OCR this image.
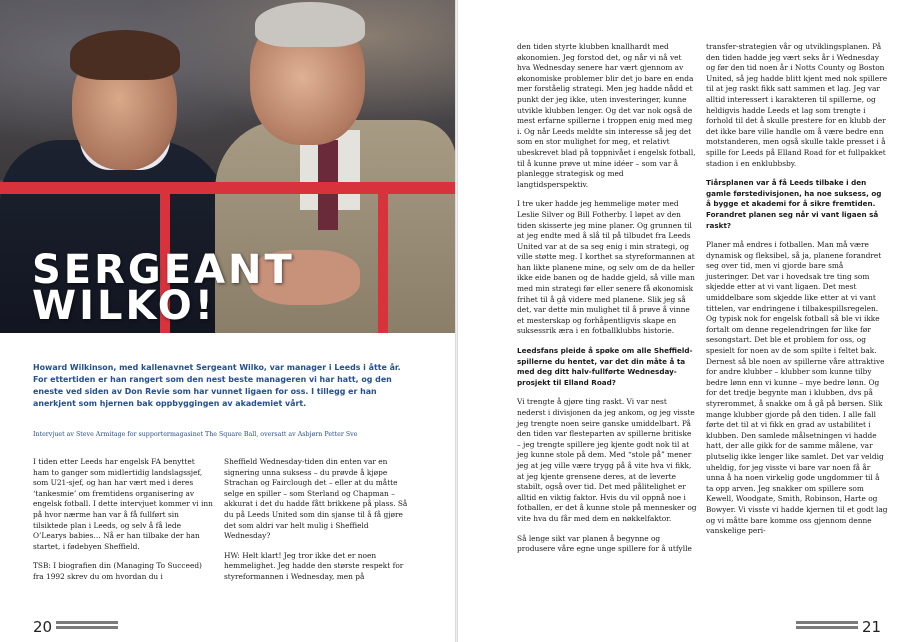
SERGEANT
WILKO!

Howard Wilkinson, med kallenavnet Sergeant Wilko, var manager i Leeds i åtte år. For ettertiden er han rangert som den nest beste manageren vi har hatt, og den eneste ved siden av Don Revie som har vunnet ligaen for oss. I tillegg er han anerkjent som hjernen bak oppbyggingen av akademiet vårt.

Intervjuet av Steve Armitage for supportermagasinet The Square Ball, oversatt av Asbjørn Petter Sve

I tiden etter Leeds har engelsk FA benyttet ham to ganger som midlertidig landslagssjef, som U21-sjef, og han har vært med i deres ‘tankesmie’ om fremtidens organisering av engelsk fotball. I dette intervjuet kommer vi inn på hvor nærme han var å få fullført sin tilsiktede plan i Leeds, og selv å få lede O’Learys babies… Nå er han tilbake der han startet, i fødebyen Sheffield.

TSB: I biografien din (Managing To Succeed) fra 1992 skrev du om hvordan du i

Sheffield Wednesday-tiden din enten var en signering unna suksess – du prøvde å kjøpe Strachan og Fairclough det – eller at du måtte selge en spiller – som Sterland og Chapman – akkurat i det du hadde fått brikkene på plass. Så du på Leeds United som din sjanse til å få gjøre det som aldri var helt mulig i Sheffield Wednesday?

HW: Helt klart! Jeg tror ikke det er noen hemmelighet. Jeg hadde den største respekt for styreformannen i Wednesday, men på

20

den tiden styrte klubben knallhardt med økonomien. Jeg forstod det, og når vi nå vet hva Wednesday senere har vært gjennom av økonomiske problemer blir det jo bare en enda mer forståelig strategi. Men jeg hadde nådd et punkt der jeg ikke, uten investeringer, kunne utvikle klubben lenger. Og det var nok også de mest erfarne spillerne i troppen enig med meg i. Og når Leeds meldte sin interesse så jeg det som en stor mulighet for meg, et relativt ubeskrevet blad på toppnivået i engelsk fotball, til å kunne prøve ut mine idéer – som var å planlegge strategisk og med langtidsperspektiv.

I tre uker hadde jeg hemmelige møter med Leslie Silver og Bill Fotherby. I løpet av den tiden skisserte jeg mine planer. Og grunnen til at jeg endte med å slå til på tilbudet fra Leeds United var at de sa seg enig i min strategi, og ville støtte meg. I korthet sa styreformannen at han likte planene mine, og selv om de da heller ikke eide banen og de hadde gjeld, så ville man med min strategi før eller senere få økonomisk frihet til å gå videre med planene. Slik jeg så det, var dette min mulighet til å prøve å vinne et mesterskap og forhåpentligvis skape en suksessrik æra i en fotballklubbs historie.

Leedsfans pleide å spøke om alle Sheffield-spillerne du hentet, var det din måte å ta med deg ditt halv-fullførte Wednesday-prosjekt til Elland Road?

Vi trengte å gjøre ting raskt. Vi var nest nederst i divisjonen da jeg ankom, og jeg visste jeg trengte noen seire ganske umiddelbart. På den tiden var flesteparten av spillerne britiske – jeg trengte spillere jeg kjente godt nok til at jeg kunne stole på dem. Med “stole på” mener jeg at jeg ville være trygg på å vite hva vi fikk, at jeg kjente grensene deres, at de leverte stabilt, også over tid. Det med pålitelighet er alltid en viktig faktor. Hvis du vil oppnå noe i fotballen, er det å kunne stole på mennesker og vite hva du får med dem en nøkkelfaktor.

Så lenge sikt var planen å begynne og produsere våre egne unge spillere for å utfylle

transfer-strategien vår og utviklingsplanen. På den tiden hadde jeg vært seks år i Wednesday og før den tid noen år i Notts County og Boston United, så jeg hadde blitt kjent med nok spillere til at jeg raskt fikk satt sammen et lag. Jeg var alltid interessert i karakteren til spillerne, og heldigvis hadde Leeds et lag som trengte i forhold til det å skulle prestere for en klubb der det ikke bare ville handle om å være bedre enn motstanderen, men også skulle takle presset i å spille for Leeds på Elland Road for et fullpakket stadion i en enklubbsby.

Tiårsplanen var å få Leeds tilbake i den gamle førstedivisjonen, ha noe suksess, og å bygge et akademi for å sikre fremtiden. Forandret planen seg når vi vant ligaen så raskt?

Planer må endres i fotballen. Man må være dynamisk og fleksibel, så ja, planene forandret seg over tid, men vi gjorde bare små justeringer. Det var i hovedsak tre ting som skjedde etter at vi vant ligaen. Det mest umiddelbare som skjedde like etter at vi vant tittelen, var endringene i tilbakespillsregelen. Og typisk nok for engelsk fotball så ble vi ikke fortalt om denne regelendringen før like før sesongstart. Det ble et problem for oss, og spesielt for noen av de som spilte i feltet bak. Dernest så ble noen av spillerne våre attraktive for andre klubber – klubber som kunne tilby bedre lønn enn vi kunne – mye bedre lønn. Og for det tredje begynte man i klubben, dvs på styrerommet, å snakke om å gå på børsen. Slik mange klubber gjorde på den tiden. I alle fall førte det til at vi fikk en grad av ustabilitet i klubben. Den samlede målsetningen vi hadde hatt, der alle gikk for de samme målene, var plutselig ikke lenger like samlet. Det var veldig uheldig, for jeg visste vi bare var noen få år unna å ha noen virkelig gode ungdommer til å ta opp arven. Jeg snakker om spillere som Kewell, Woodgate, Smith, Robinson, Harte og Bowyer. Vi visste vi hadde kjernen til et godt lag og vi måtte bare komme oss gjennom denne vanskelige peri-

21
